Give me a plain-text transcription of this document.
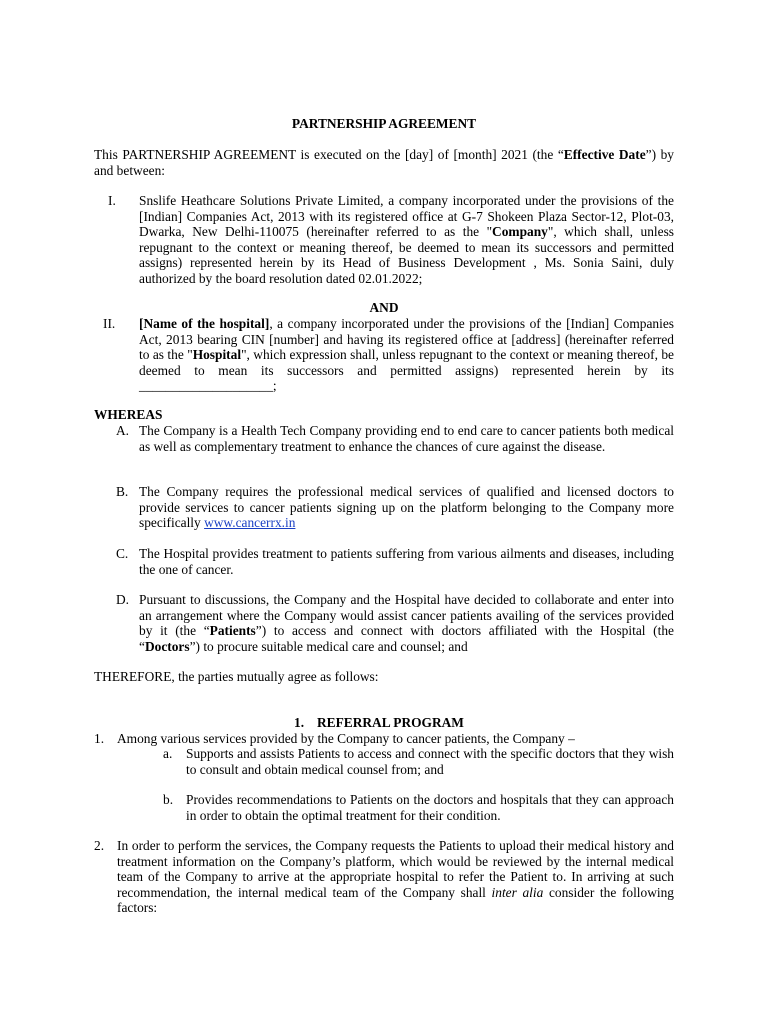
PARTNERSHIP AGREEMENT
This PARTNERSHIP AGREEMENT is executed on the [day] of [month] 2021 (the “Effective Date”) by and between:
I. Snslife Heathcare Solutions Private Limited, a company incorporated under the provisions of the [Indian] Companies Act, 2013 with its registered office at G-7 Shokeen Plaza Sector-12, Plot-03, Dwarka, New Delhi-110075 (hereinafter referred to as the "Company", which shall, unless repugnant to the context or meaning thereof, be deemed to mean its successors and permitted assigns) represented herein by its Head of Business Development , Ms. Sonia Saini, duly authorized by the board resolution dated 02.01.2022;
AND
II. [Name of the hospital], a company incorporated under the provisions of the [Indian] Companies Act, 2013 bearing CIN [number] and having its registered office at [address] (hereinafter referred to as the "Hospital", which expression shall, unless repugnant to the context or meaning thereof, be deemed to mean its successors and permitted assigns) represented herein by its ____________________;
WHEREAS
A. The Company is a Health Tech Company providing end to end care to cancer patients both medical as well as complementary treatment to enhance the chances of cure against the disease.
B. The Company requires the professional medical services of qualified and licensed doctors to provide services to cancer patients signing up on the platform belonging to the Company more specifically www.cancerrx.in
C. The Hospital provides treatment to patients suffering from various ailments and diseases, including the one of cancer.
D. Pursuant to discussions, the Company and the Hospital have decided to collaborate and enter into an arrangement where the Company would assist cancer patients availing of the services provided by it (the “Patients”) to access and connect with doctors affiliated with the Hospital (the “Doctors”) to procure suitable medical care and counsel; and
THEREFORE, the parties mutually agree as follows:
1. REFERRAL PROGRAM
1. Among various services provided by the Company to cancer patients, the Company –
a. Supports and assists Patients to access and connect with the specific doctors that they wish to consult and obtain medical counsel from; and
b. Provides recommendations to Patients on the doctors and hospitals that they can approach in order to obtain the optimal treatment for their condition.
2. In order to perform the services, the Company requests the Patients to upload their medical history and treatment information on the Company’s platform, which would be reviewed by the internal medical team of the Company to arrive at the appropriate hospital to refer the Patient to. In arriving at such recommendation, the internal medical team of the Company shall inter alia consider the following factors:
